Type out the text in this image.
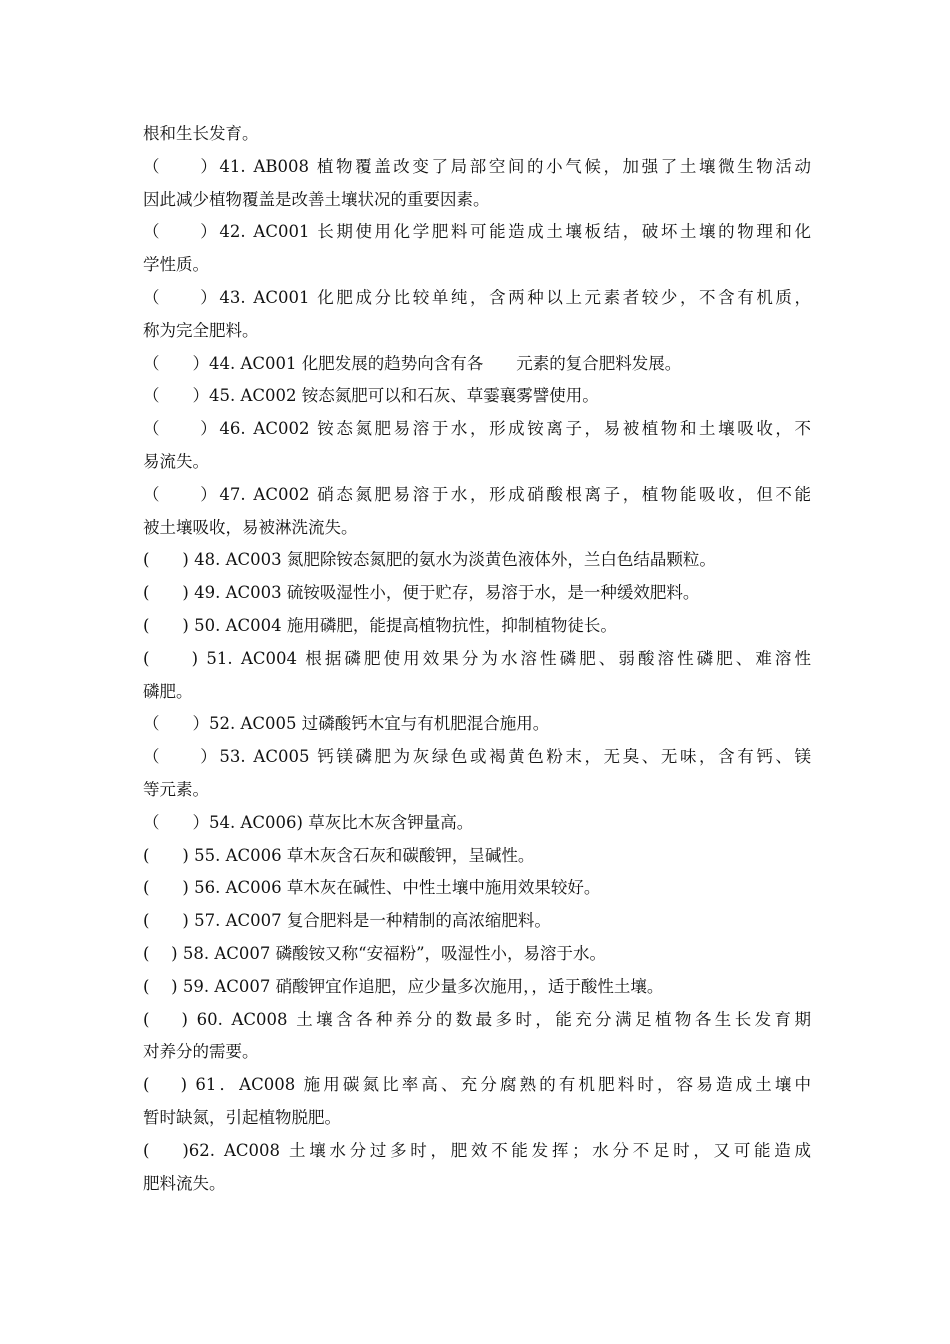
根和生长发育。
（　　）41. AB008 植物覆盖改变了局部空间的小气候，加强了土壤微生物活动
因此减少植物覆盖是改善土壤状况的重要因素。
（　　）42. AC001 长期使用化学肥料可能造成土壤板结，破坏土壤的物理和化
学性质。
（　　）43. AC001 化肥成分比较单纯，含两种以上元素者较少，不含有机质，
称为完全肥料。
（　　）44. AC001 化肥发展的趋势向含有各　　元素的复合肥料发展。
（　　）45. AC002 铵态氮肥可以和石灰、草霎襄雾譬使用。
（　　）46. AC002 铵态氮肥易溶于水，形成铵离子，易被植物和土壤吸收，不
易流失。
（　　）47. AC002 硝态氮肥易溶于水，形成硝酸根离子，植物能吸收，但不能
被土壤吸收，易被淋洗流失。
(　　) 48. AC003 氮肥除铵态氮肥的氨水为淡黄色液体外，兰白色结晶颗粒。
(　　) 49. AC003 硫铵吸湿性小，便于贮存，易溶于水，是一种缓效肥料。
(　　) 50. AC004 施用磷肥，能提高植物抗性，抑制植物徒长。
(　　) 51. AC004 根据磷肥使用效果分为水溶性磷肥、弱酸溶性磷肥、难溶性
磷肥。
（　　）52. AC005 过磷酸钙木宜与有机肥混合施用。
（　　）53. AC005 钙镁磷肥为灰绿色或褐黄色粉末，无臭、无味，含有钙、镁
等元素。
（　　）54. AC006) 草灰比木灰含钾量高。
(　　) 55. AC006 草木灰含石灰和碳酸钾，呈碱性。
(　　) 56. AC006 草木灰在碱性、中性土壤中施用效果较好。
(　　) 57. AC007 复合肥料是一种精制的高浓缩肥料。
(　 ) 58. AC007 磷酸铵又称“安福粉”，吸湿性小，易溶于水。
(　 ) 59. AC007 硝酸钾宜作追肥，应少量多次施用，，适于酸性土壤。
(　 ) 60. AC008 土壤含各种养分的数最多时，能充分满足植物各生长发育期
对养分的需要。
(　 ) 61．AC008 施用碳氮比率高、充分腐熟的有机肥料时，容易造成土壤中
暂时缺氮，引起植物脱肥。
(　 )62. AC008 土壤水分过多时，肥效不能发挥；水分不足时，又可能造成
肥料流失。
